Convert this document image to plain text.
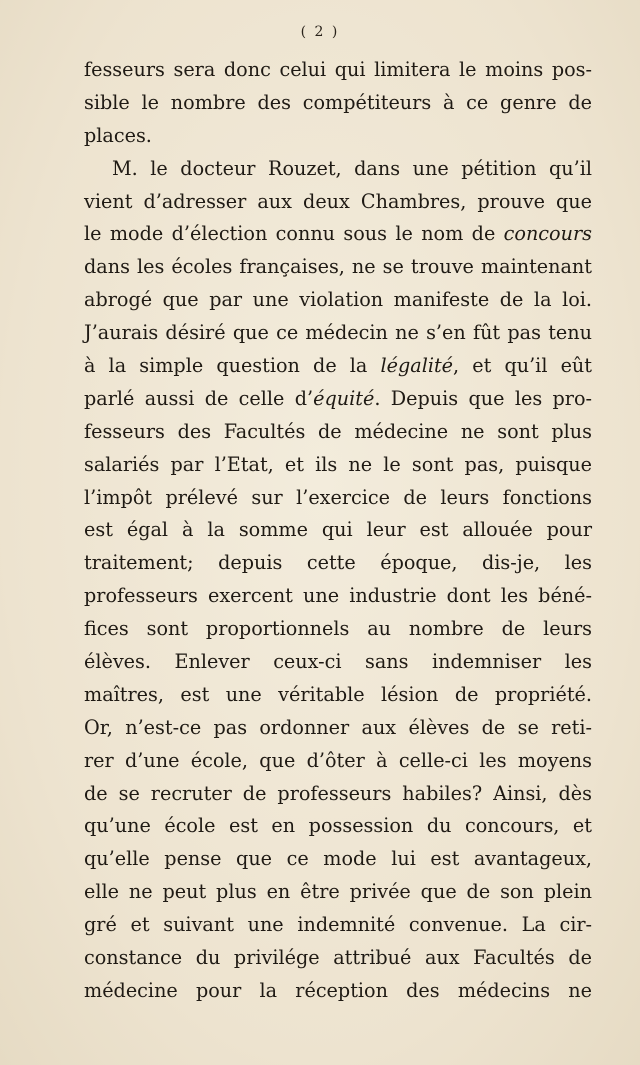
( 2 )
fesseurs sera donc celui qui limitera le moins pos-
sible le nombre des compétiteurs à ce genre de
places.
M. le docteur Rouzet, dans une pétition qu’il
vient d’adresser aux deux Chambres, prouve que
le mode d’élection connu sous le nom de concours
dans les écoles françaises, ne se trouve maintenant
abrogé que par une violation manifeste de la loi.
J’aurais désiré que ce médecin ne s’en fût pas tenu
à la simple question de la légalité, et qu’il eût
parlé aussi de celle d’équité. Depuis que les pro-
fesseurs des Facultés de médecine ne sont plus
salariés par l’Etat, et ils ne le sont pas, puisque
l’impôt prélevé sur l’exercice de leurs fonctions
est égal à la somme qui leur est allouée pour
traitement; depuis cette époque, dis-je, les
professeurs exercent une industrie dont les béné-
fices sont proportionnels au nombre de leurs
élèves. Enlever ceux-ci sans indemniser les
maîtres, est une véritable lésion de propriété.
Or, n’est-ce pas ordonner aux élèves de se reti-
rer d’une école, que d’ôter à celle-ci les moyens
de se recruter de professeurs habiles? Ainsi, dès
qu’une école est en possession du concours, et
qu’elle pense que ce mode lui est avantageux,
elle ne peut plus en être privée que de son plein
gré et suivant une indemnité convenue. La cir-
constance du privilége attribué aux Facultés de
médecine pour la réception des médecins ne
